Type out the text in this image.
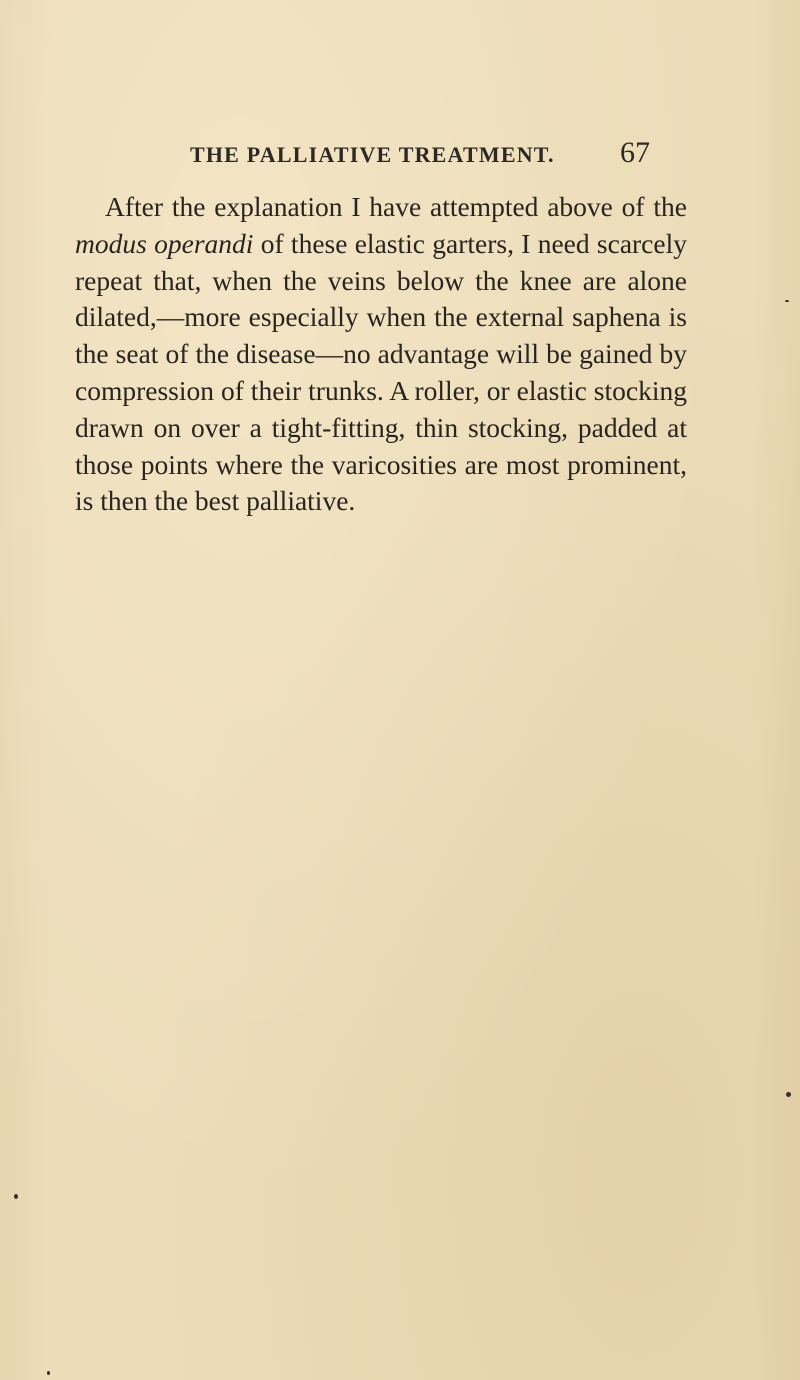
THE PALLIATIVE TREATMENT. 67

After the explanation I have attempted above of the modus operandi of these elastic garters, I need scarcely repeat that, when the veins below the knee are alone dilated,—more especially when the external saphena is the seat of the disease—no advantage will be gained by compression of their trunks. A roller, or elastic stocking drawn on over a tight-fitting, thin stocking, padded at those points where the varicosities are most prominent, is then the best palliative.
